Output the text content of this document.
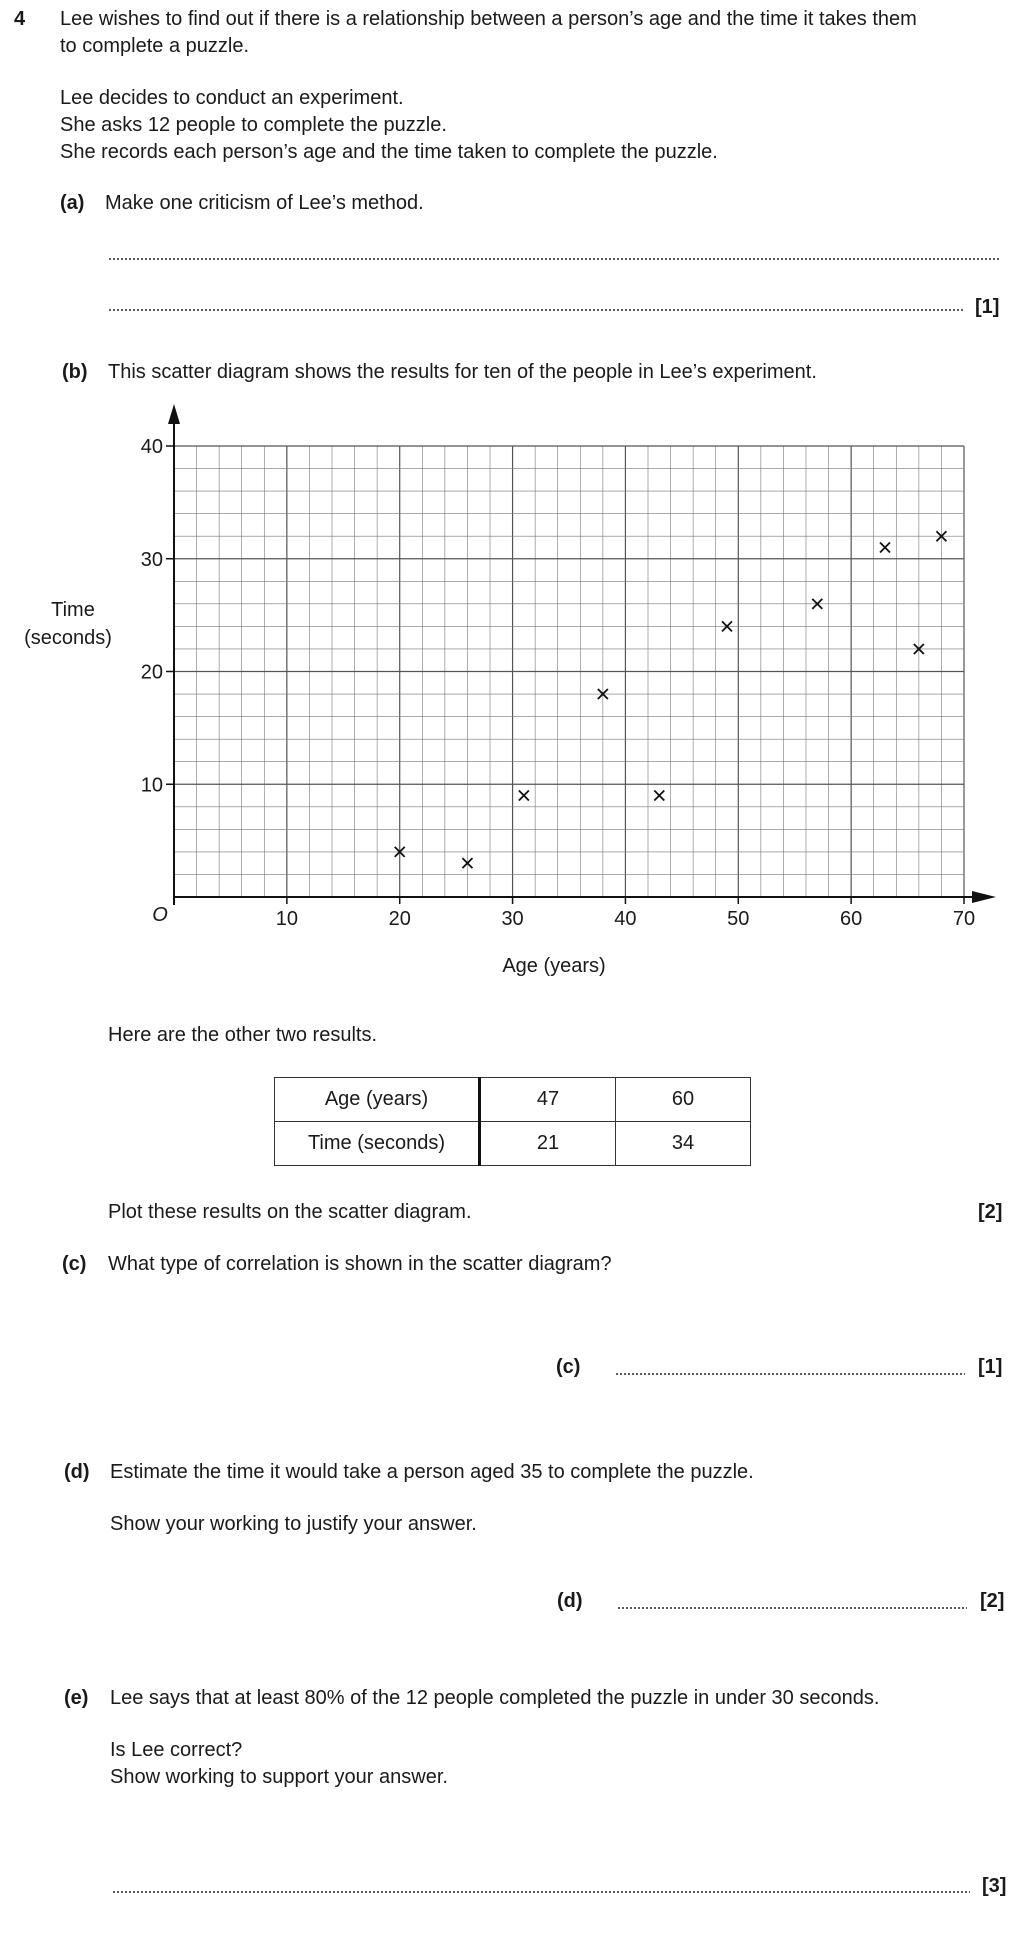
4 Lee wishes to find out if there is a relationship between a person’s age and the time it takes them
to complete a puzzle.
Lee decides to conduct an experiment.
She asks 12 people to complete the puzzle.
She records each person’s age and the time taken to complete the puzzle.
(a) Make one criticism of Lee’s method.
[1]
(b) This scatter diagram shows the results for ten of the people in Lee’s experiment.
10	20	30	40	50	60	70
10
20
30
40
O
Time
(seconds)
Age (years)
Here are the other two results.
Age (years)	47	60
Time (seconds)	21	34
Plot these results on the scatter diagram.	[2]
(c) What type of correlation is shown in the scatter diagram?
(c)	[1]
(d) Estimate the time it would take a person aged 35 to complete the puzzle.
Show your working to justify your answer.
(d)	[2]
(e) Lee says that at least 80% of the 12 people completed the puzzle in under 30 seconds.
Is Lee correct?
Show working to support your answer.
[3]
